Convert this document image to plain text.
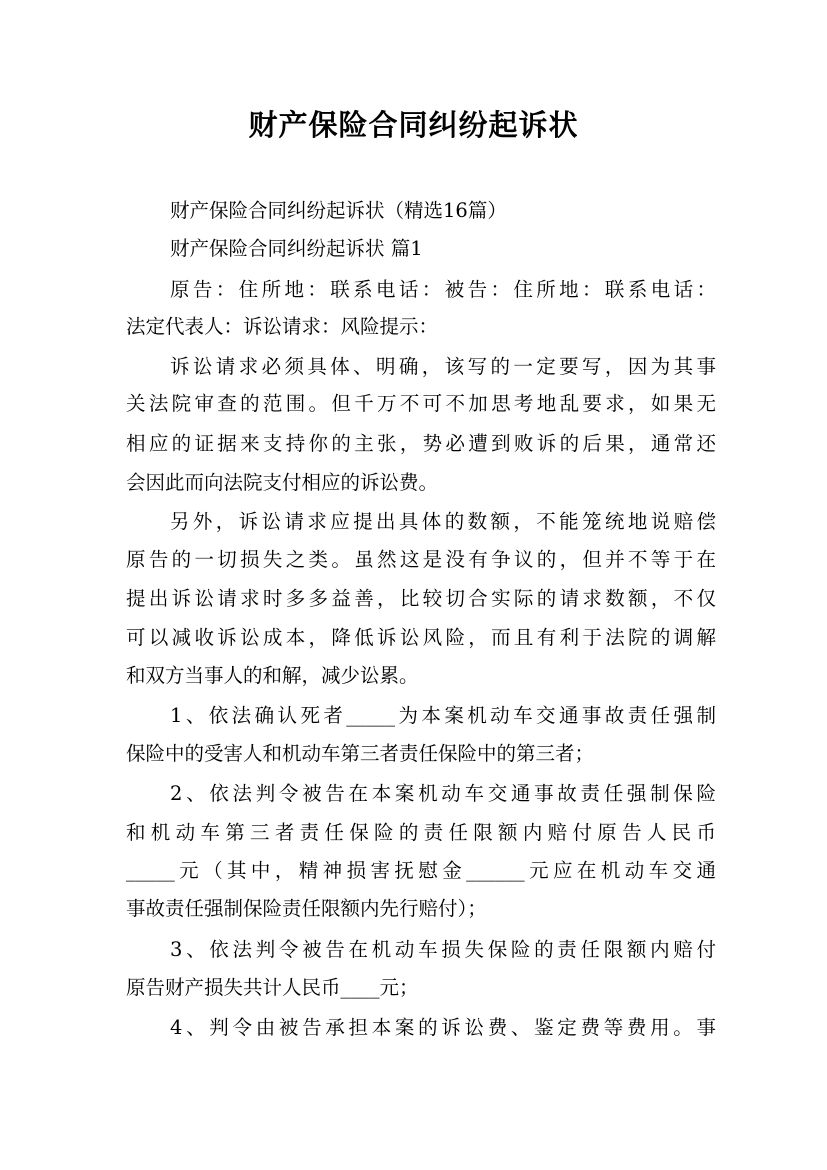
财产保险合同纠纷起诉状
财产保险合同纠纷起诉状（精选16篇）
财产保险合同纠纷起诉状 篇1
原告：住所地：联系电话：被告：住所地：联系电话：
法定代表人：诉讼请求：风险提示：
诉讼请求必须具体、明确，该写的一定要写，因为其事
关法院审查的范围。但千万不可不加思考地乱要求，如果无
相应的证据来支持你的主张，势必遭到败诉的后果，通常还
会因此而向法院支付相应的诉讼费。
另外，诉讼请求应提出具体的数额，不能笼统地说赔偿
原告的一切损失之类。虽然这是没有争议的，但并不等于在
提出诉讼请求时多多益善，比较切合实际的请求数额，不仅
可以减收诉讼成本，降低诉讼风险，而且有利于法院的调解
和双方当事人的和解，减少讼累。
1、依法确认死者_____为本案机动车交通事故责任强制
保险中的受害人和机动车第三者责任保险中的第三者；
2、依法判令被告在本案机动车交通事故责任强制保险
和机动车第三者责任保险的责任限额内赔付原告人民币
_____元（其中，精神损害抚慰金______元应在机动车交通
事故责任强制保险责任限额内先行赔付）；
3、依法判令被告在机动车损失保险的责任限额内赔付
原告财产损失共计人民币____元；
4、判令由被告承担本案的诉讼费、鉴定费等费用。事
